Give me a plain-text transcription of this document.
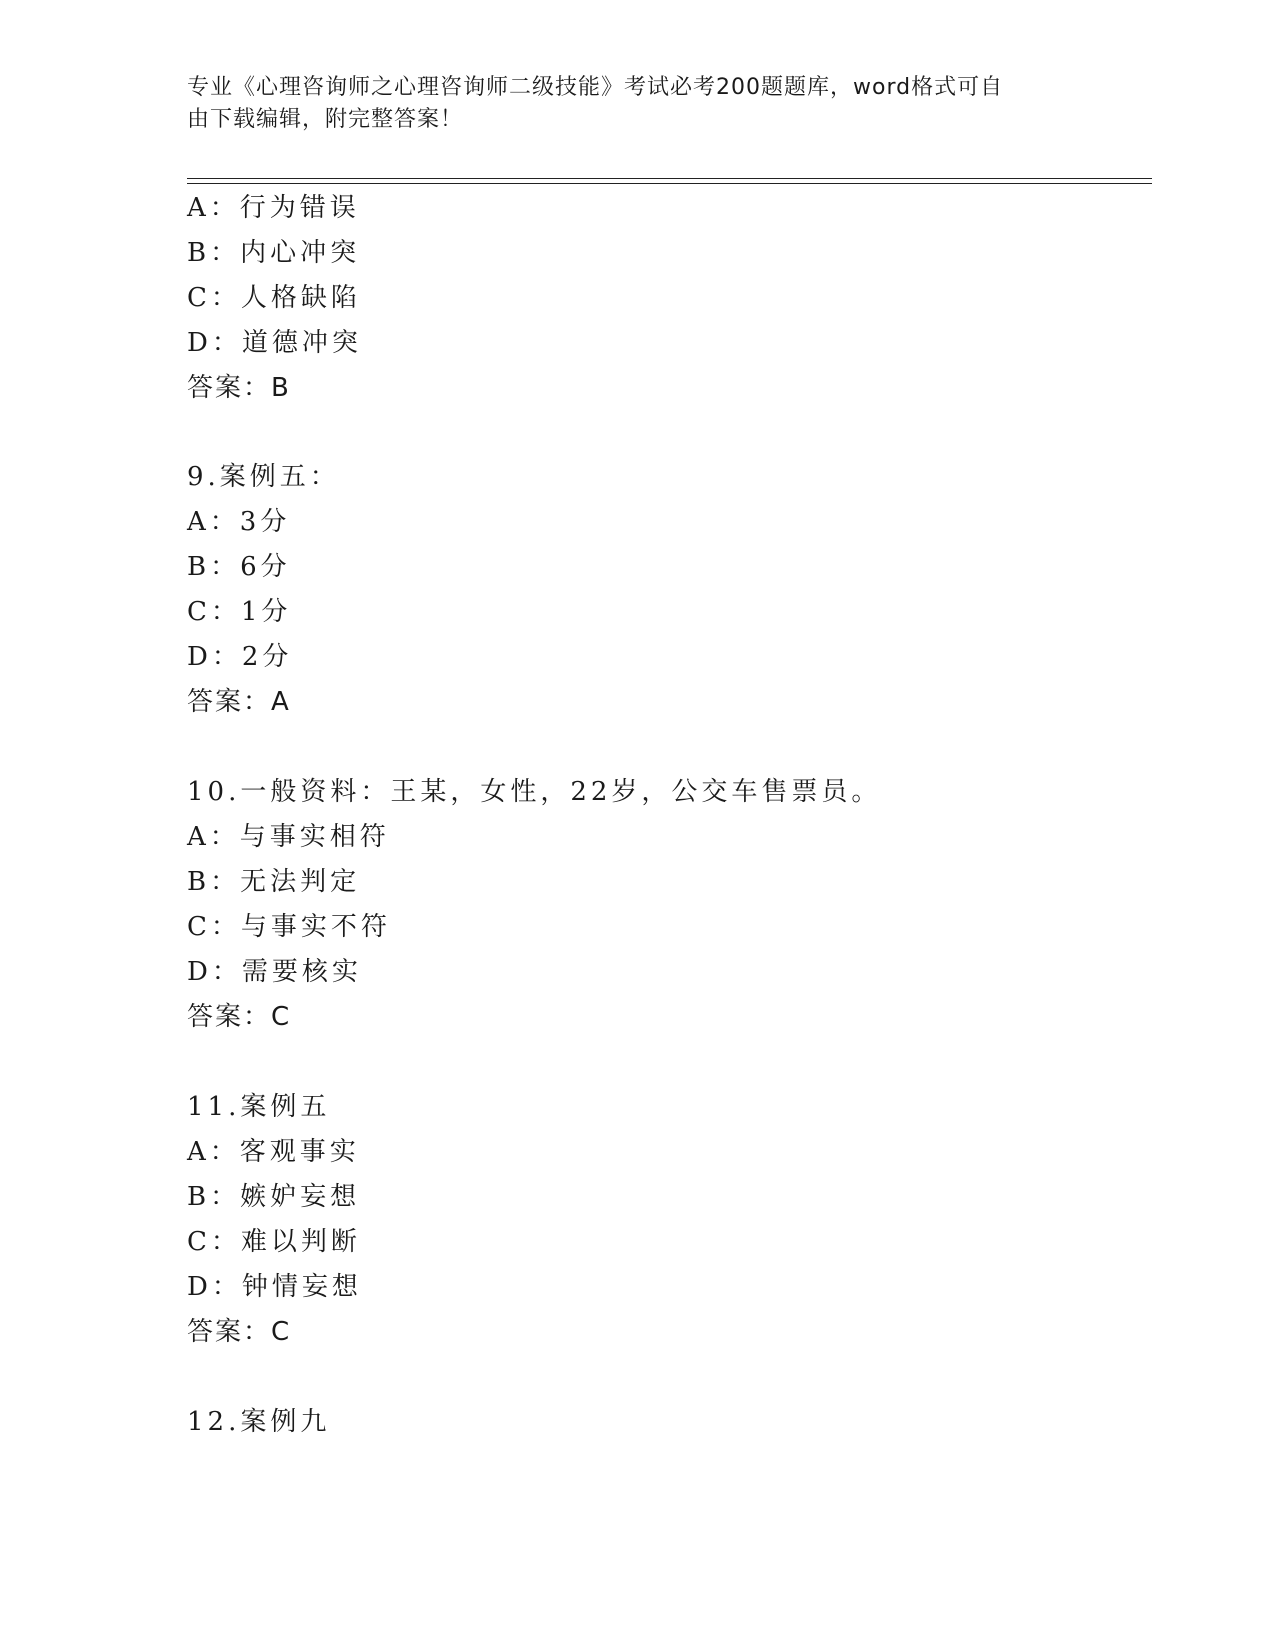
专业《心理咨询师之心理咨询师二级技能》考试必考200题题库，word格式可自
由下载编辑，附完整答案！
A：行为错误
B：内心冲突
C：人格缺陷
D：道德冲突
答案：B
9.案例五：
A：3分
B：6分
C：1分
D：2分
答案：A
10.一般资料：王某，女性，22岁，公交车售票员。
A：与事实相符
B：无法判定
C：与事实不符
D：需要核实
答案：C
11.案例五
A：客观事实
B：嫉妒妄想
C：难以判断
D：钟情妄想
答案：C
12.案例九
